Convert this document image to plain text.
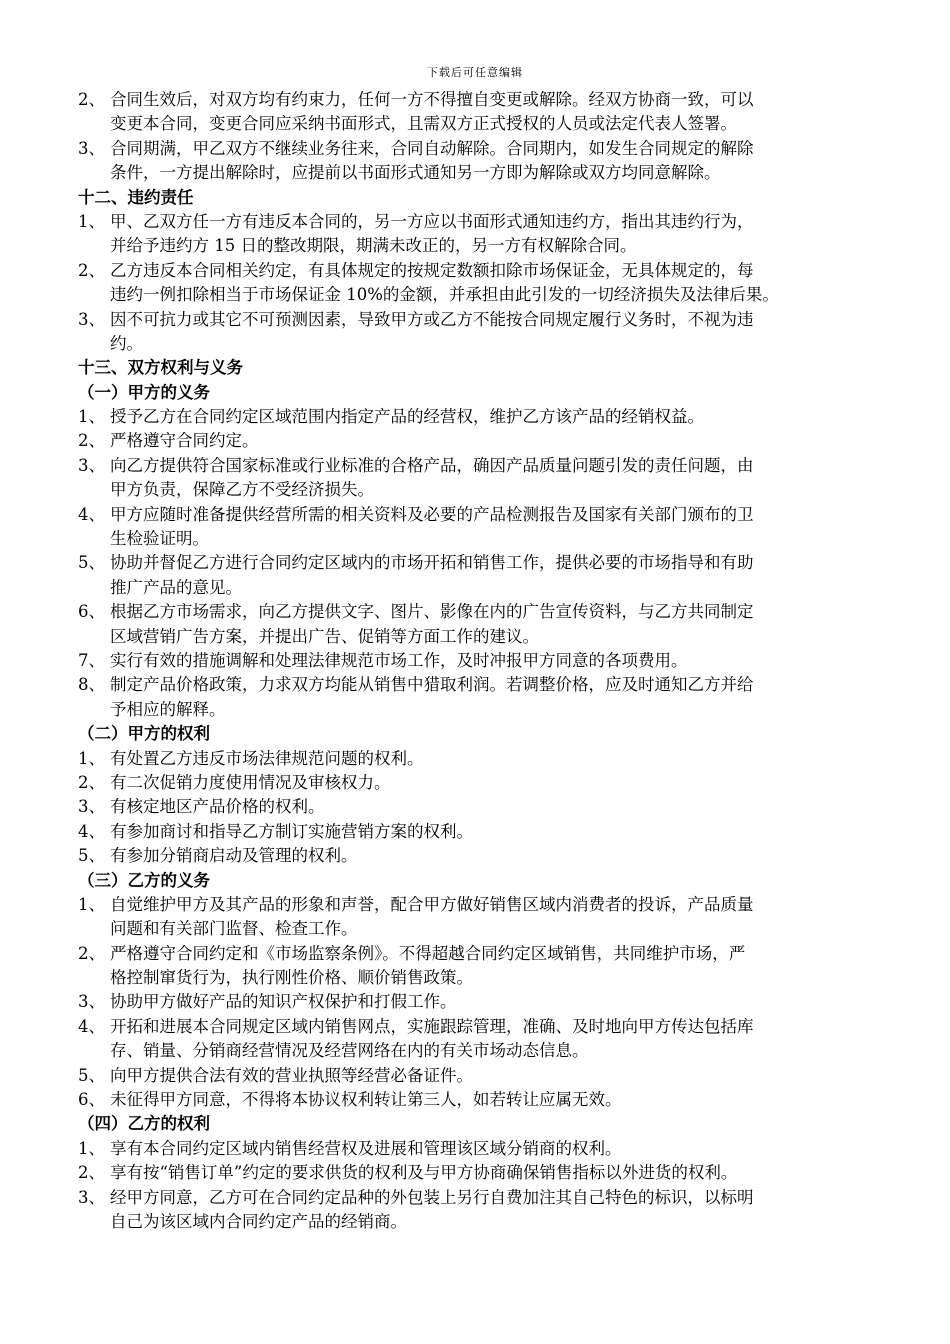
下载后可任意编辑
2、 合同生效后，对双方均有约束力，任何一方不得擅自变更或解除。经双方协商一致，可以
变更本合同，变更合同应采纳书面形式，且需双方正式授权的人员或法定代表人签署。
3、 合同期满，甲乙双方不继续业务往来，合同自动解除。合同期内，如发生合同规定的解除
条件，一方提出解除时，应提前以书面形式通知另一方即为解除或双方均同意解除。
十二、违约责任
1、 甲、乙双方任一方有违反本合同的，另一方应以书面形式通知违约方，指出其违约行为，
并给予违约方 15 日的整改期限，期满未改正的，另一方有权解除合同。
2、 乙方违反本合同相关约定，有具体规定的按规定数额扣除市场保证金，无具体规定的，每
违约一例扣除相当于市场保证金 10%的金额，并承担由此引发的一切经济损失及法律后果。
3、 因不可抗力或其它不可预测因素，导致甲方或乙方不能按合同规定履行义务时，不视为违
约。
十三、双方权利与义务
（一）甲方的义务
1、 授予乙方在合同约定区域范围内指定产品的经营权，维护乙方该产品的经销权益。
2、 严格遵守合同约定。
3、 向乙方提供符合国家标准或行业标准的合格产品，确因产品质量问题引发的责任问题，由
甲方负责，保障乙方不受经济损失。
4、 甲方应随时准备提供经营所需的相关资料及必要的产品检测报告及国家有关部门颁布的卫
生检验证明。
5、 协助并督促乙方进行合同约定区域内的市场开拓和销售工作，提供必要的市场指导和有助
推广产品的意见。
6、 根据乙方市场需求，向乙方提供文字、图片、影像在内的广告宣传资料，与乙方共同制定
区域营销广告方案，并提出广告、促销等方面工作的建议。
7、 实行有效的措施调解和处理法律规范市场工作，及时冲报甲方同意的各项费用。
8、 制定产品价格政策，力求双方均能从销售中猎取利润。若调整价格，应及时通知乙方并给
予相应的解释。
（二）甲方的权利
1、 有处置乙方违反市场法律规范问题的权利。
2、 有二次促销力度使用情况及审核权力。
3、 有核定地区产品价格的权利。
4、 有参加商讨和指导乙方制订实施营销方案的权利。
5、 有参加分销商启动及管理的权利。
（三）乙方的义务
1、 自觉维护甲方及其产品的形象和声誉，配合甲方做好销售区域内消费者的投诉，产品质量
问题和有关部门监督、检查工作。
2、 严格遵守合同约定和《市场监察条例》。不得超越合同约定区域销售，共同维护市场，严
格控制窜货行为，执行刚性价格、顺价销售政策。
3、 协助甲方做好产品的知识产权保护和打假工作。
4、 开拓和进展本合同规定区域内销售网点，实施跟踪管理，准确、及时地向甲方传达包括库
存、销量、分销商经营情况及经营网络在内的有关市场动态信息。
5、 向甲方提供合法有效的营业执照等经营必备证件。
6、 未征得甲方同意，不得将本协议权利转让第三人，如若转让应属无效。
（四）乙方的权利
1、 享有本合同约定区域内销售经营权及进展和管理该区域分销商的权利。
2、 享有按“销售订单”约定的要求供货的权利及与甲方协商确保销售指标以外进货的权利。
3、 经甲方同意，乙方可在合同约定品种的外包装上另行自费加注其自己特色的标识，以标明
自己为该区域内合同约定产品的经销商。
